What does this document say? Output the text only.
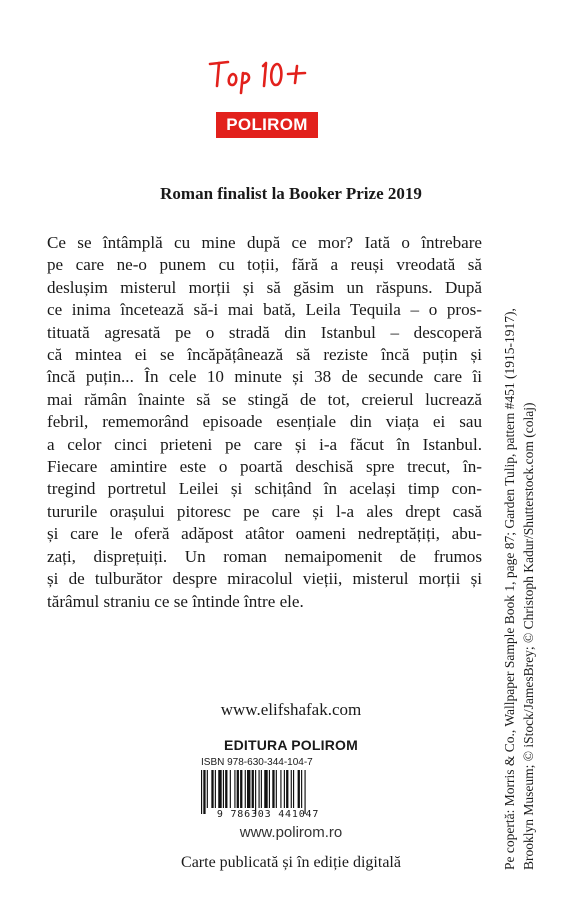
POLIROM
Roman finalist la Booker Prize 2019
Ce se întâmplă cu mine după ce mor? Iată o întrebare
pe care ne-o punem cu toții, fără a reuși vreodată să
deslușim misterul morții și să găsim un răspuns. După
ce inima încetează să-i mai bată, Leila Tequila – o pros-
tituată agresată pe o stradă din Istanbul – descoperă
că mintea ei se încăpățânează să reziste încă puțin și
încă puțin... În cele 10 minute și 38 de secunde care îi
mai rămân înainte să se stingă de tot, creierul lucrează
febril, rememorând episoade esențiale din viața ei sau
a celor cinci prieteni pe care și i-a făcut în Istanbul.
Fiecare amintire este o poartă deschisă spre trecut, în-
tregind portretul Leilei și schițând în același timp con-
tururile orașului pitoresc pe care și l-a ales drept casă
și care le oferă adăpost atâtor oameni nedreptățiți, abu-
zați, disprețuiți. Un roman nemaipomenit de frumos
și de tulburător despre miracolul vieții, misterul morții și
tărâmul straniu ce se întinde între ele.
www.elifshafak.com
EDITURA POLIROM
ISBN 978-630-344-104-7
9 786303 441047
www.polirom.ro
Carte publicată și în ediție digitală	Pe copertă: Morris & Co., Wallpaper Sample Book 1, page 87; Garden Tulip, pattern #451 (1915-1917), Brooklyn Museum; © iStock/JamesBrey; © Christoph Kadur/Shutterstock.com (colaj)
